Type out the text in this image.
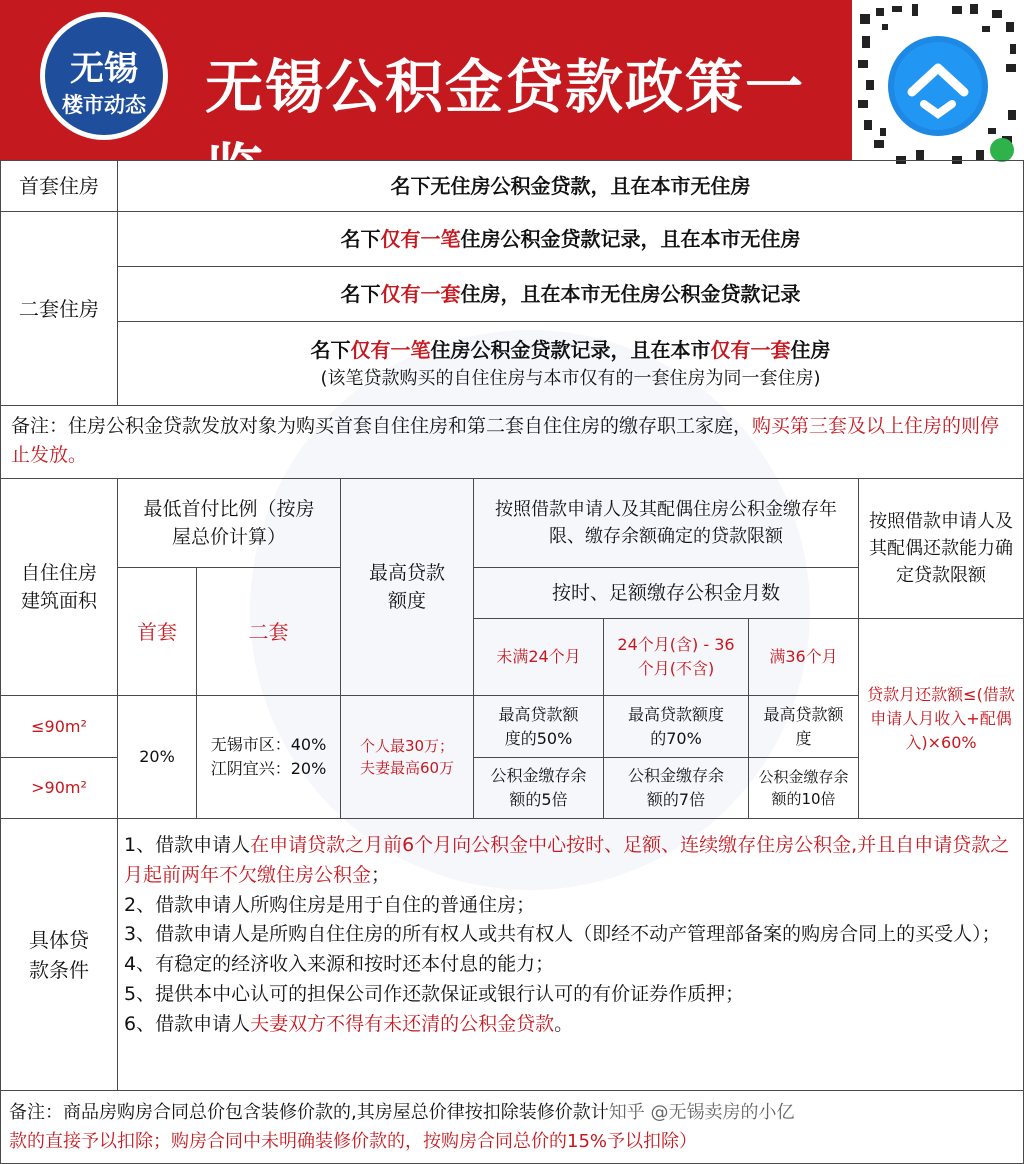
无锡
楼市动态 无锡公积金贷款政策一览
首套住房	名下无住房公积金贷款，且在本市无住房
二套住房
名下仅有一笔住房公积金贷款记录，且在本市无住房
名下仅有一套住房，且在本市无住房公积金贷款记录
名下仅有一笔住房公积金贷款记录，且在本市仅有一套住房
(该笔贷款购买的自住住房与本市仅有的一套住房为同一套住房)
备注：住房公积金贷款发放对象为购买首套自住住房和第二套自住住房的缴存职工家庭，购买第三套及以上住房的则停止发放。
自住住房建筑面积
最低首付比例（按房屋总价计算）
首套	二套
最高贷款额度
按照借款申请人及其配偶住房公积金缴存年限、缴存余额确定的贷款限额
按时、足额缴存公积金月数
未满24个月
24个月(含) - 36个月(不含)
满36个月
按照借款申请人及其配偶还款能力确定贷款限额
贷款月还款额≤(借款申请人月收入+配偶入)×60%
≤90m²
>90m²
20%
无锡市区：40%
江阴宜兴：20%
个人最30万；
夫妻最高60万
最高贷款额度的50%
最高贷款额度的70%
最高贷款额度
公积金缴存余额的5倍
公积金缴存余额的7倍
公积金缴存余额的10倍
具体贷款条件
1、借款申请人在申请贷款之月前6个月向公积金中心按时、足额、连续缴存住房公积金,并且自申请贷款之月起前两年不欠缴住房公积金；
2、借款申请人所购住房是用于自住的普通住房；
3、借款申请人是所购自住住房的所有权人或共有权人（即经不动产管理部备案的购房合同上的买受人）；
4、有稳定的经济收入来源和按时还本付息的能力；
5、提供本中心认可的担保公司作还款保证或银行认可的有价证券作质押；
6、借款申请人夫妻双方不得有未还清的公积金贷款。
备注：商品房购房合同总价包含装修价款的,其房屋总价律按扣除装修价款计知乎 @无锡卖房的小亿
款的直接予以扣除；购房合同中未明确装修价款的，按购房合同总价的15%予以扣除）
